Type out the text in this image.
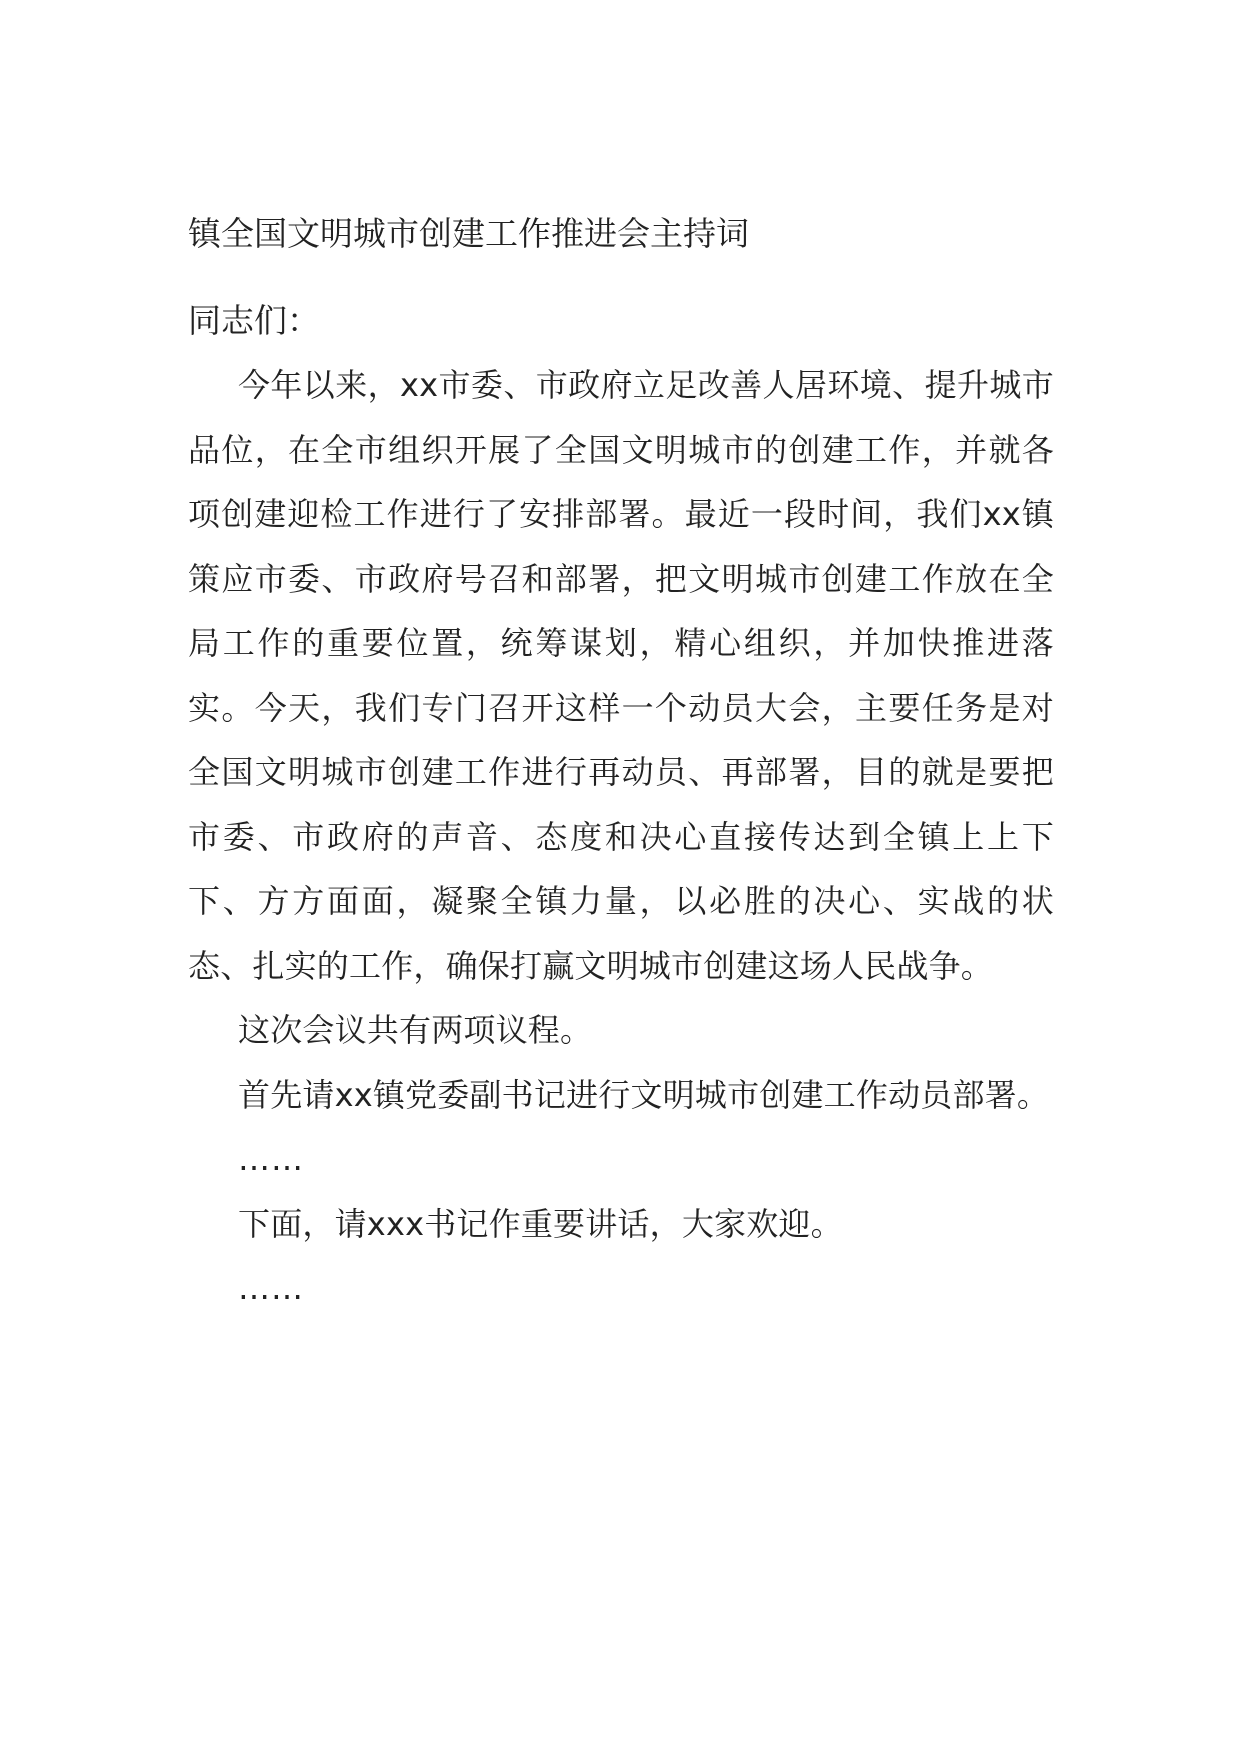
镇全国文明城市创建工作推进会主持词

同志们：

今年以来，xx市委、市政府立足改善人居环境、提升城市品位，在全市组织开展了全国文明城市的创建工作，并就各项创建迎检工作进行了安排部署。最近一段时间，我们xx镇策应市委、市政府号召和部署，把文明城市创建工作放在全局工作的重要位置，统筹谋划，精心组织，并加快推进落实。今天，我们专门召开这样一个动员大会，主要任务是对全国文明城市创建工作进行再动员、再部署，目的就是要把市委、市政府的声音、态度和决心直接传达到全镇上上下下、方方面面，凝聚全镇力量，以必胜的决心、实战的状态、扎实的工作，确保打赢文明城市创建这场人民战争。

这次会议共有两项议程。

首先请xx镇党委副书记进行文明城市创建工作动员部署。

……

下面，请xxx书记作重要讲话，大家欢迎。

……
